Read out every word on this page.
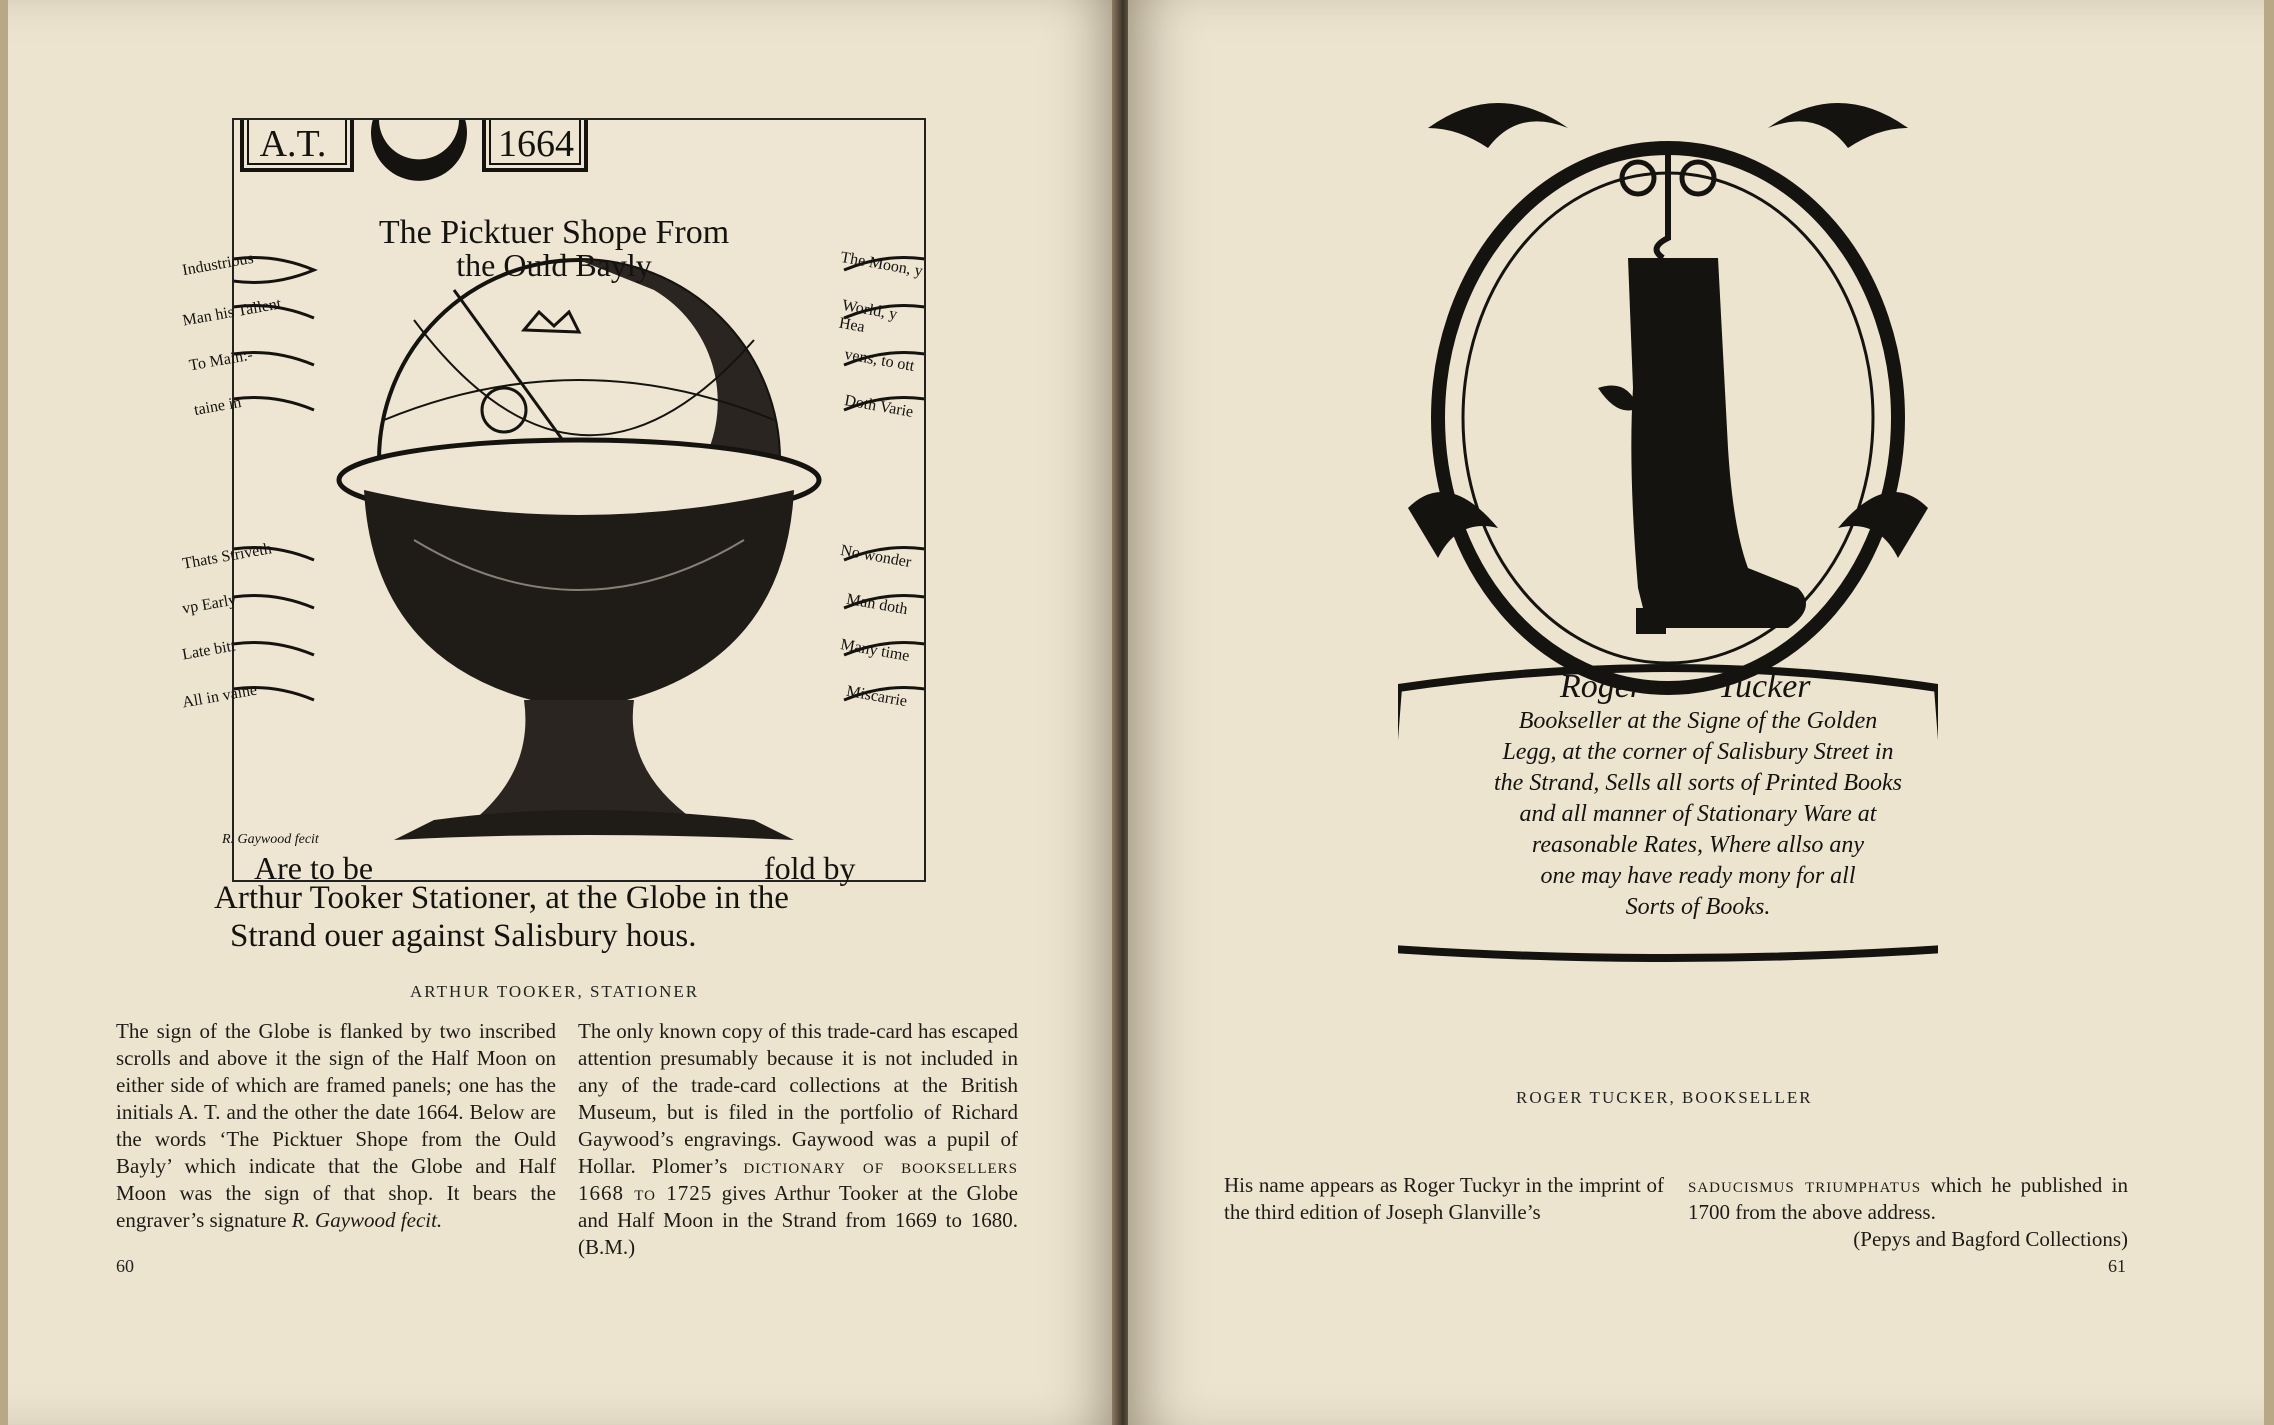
A.T.	1664
The Picktuer Shope From
the Ould Bayly
Industrious
Man his Tallent
To Main:-
taine in
Thats Striveth
vp Early
Late bitt
All in vaine
The Moon, y
World, y Hea
vens, to ott
Doth Varie
No wonder
Man doth
Many time
Miscarrie
R. Gaywood fecit
Are to be	fold by
Arthur Tooker Stationer, at the Globe in the
Strand ouer against Salisbury hous.
ARTHUR TOOKER, STATIONER
The sign of the Globe is flanked by two inscribed scrolls and above it the sign of the Half Moon on either side of which are framed panels; one has the initials A. T. and the other the date 1664. Below are the words ‘The Picktuer Shope from the Ould Bayly’ which indicate that the Globe and Half Moon was the sign of that shop. It bears the engraver’s signature R. Gaywood fecit.
The only known copy of this trade-card has escaped attention presumably because it is not included in any of the trade-card collections at the British Museum, but is filed in the portfolio of Richard Gaywood’s engravings. Gaywood was a pupil of Hollar. Plomer’s dictionary of booksellers 1668 to 1725 gives Arthur Tooker at the Globe and Half Moon in the Strand from 1669 to 1680. (B.M.)
60
Roger Tucker
Bookseller at the Signe of the Golden
Legg, at the corner of Salisbury Street in
the Strand, Sells all sorts of Printed Books
and all manner of Stationary Ware at
reasonable Rates, Where allso any
one may have ready mony for all
Sorts of Books.
ROGER TUCKER, BOOKSELLER
His name appears as Roger Tuckyr in the imprint of the third edition of Joseph Glanville’s
saducismus triumphatus which he published in 1700 from the above address.
(Pepys and Bagford Collections)
61
